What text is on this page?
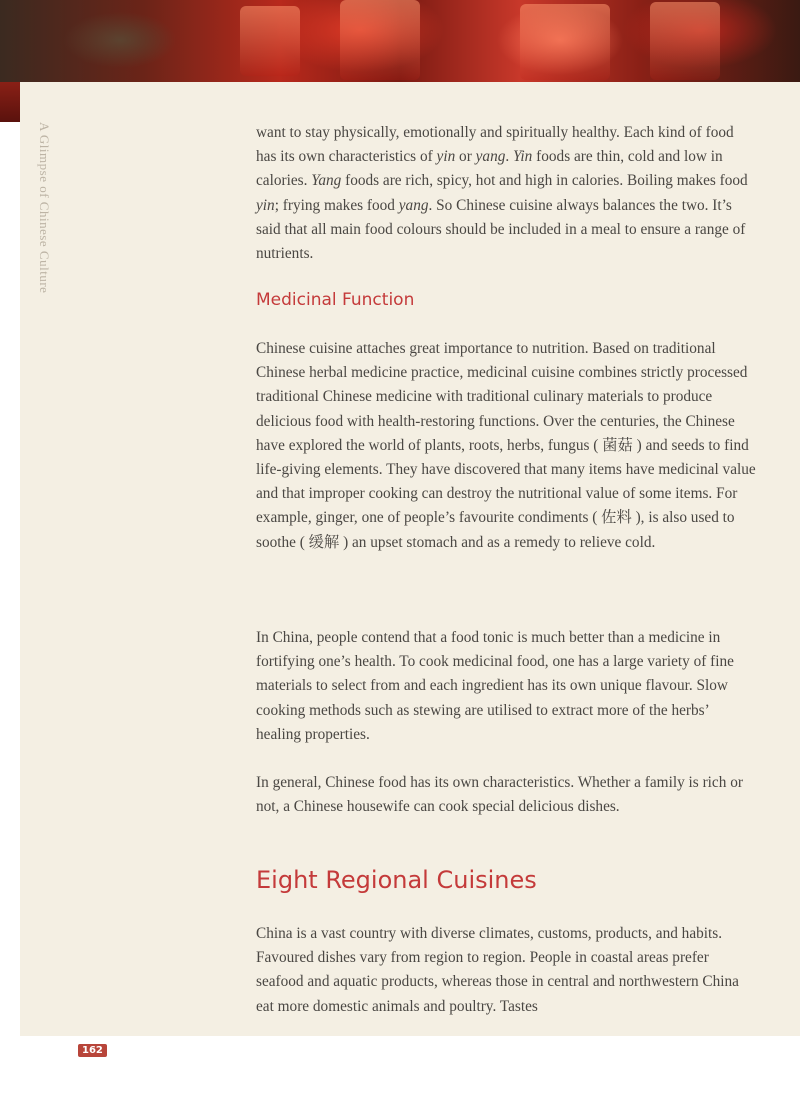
A Glimpse of Chinese Culture	want to stay physically, emotionally and spiritually healthy. Each kind of food has its own characteristics of yin or yang. Yin foods are thin, cold and low in calories. Yang foods are rich, spicy, hot and high in calories. Boiling makes food yin; frying makes food yang. So Chinese cuisine always balances the two. It’s said that all main food colours should be included in a meal to ensure a range of nutrients.

Medicinal Function

Chinese cuisine attaches great importance to nutrition. Based on traditional Chinese herbal medicine practice, medicinal cuisine combines strictly processed traditional Chinese medicine with traditional culinary materials to produce delicious food with health-restoring functions. Over the centuries, the Chinese have explored the world of plants, roots, herbs, fungus ( 菌菇 ) and seeds to find life-giving elements. They have discovered that many items have medicinal value and that improper cooking can destroy the nutritional value of some items. For example, ginger, one of people’s favourite condiments ( 佐料 ), is also used to soothe ( 缓解 ) an upset stomach and as a remedy to relieve cold.

In China, people contend that a food tonic is much better than a medicine in fortifying one’s health. To cook medicinal food, one has a large variety of fine materials to select from and each ingredient has its own unique flavour. Slow cooking methods such as stewing are utilised to extract more of the herbs’ healing properties.

In general, Chinese food has its own characteristics. Whether a family is rich or not, a Chinese housewife can cook special delicious dishes.

Eight Regional Cuisines

China is a vast country with diverse climates, customs, products, and habits. Favoured dishes vary from region to region. People in coastal areas prefer seafood and aquatic products, whereas those in central and northwestern China eat more domestic animals and poultry. Tastes

162
